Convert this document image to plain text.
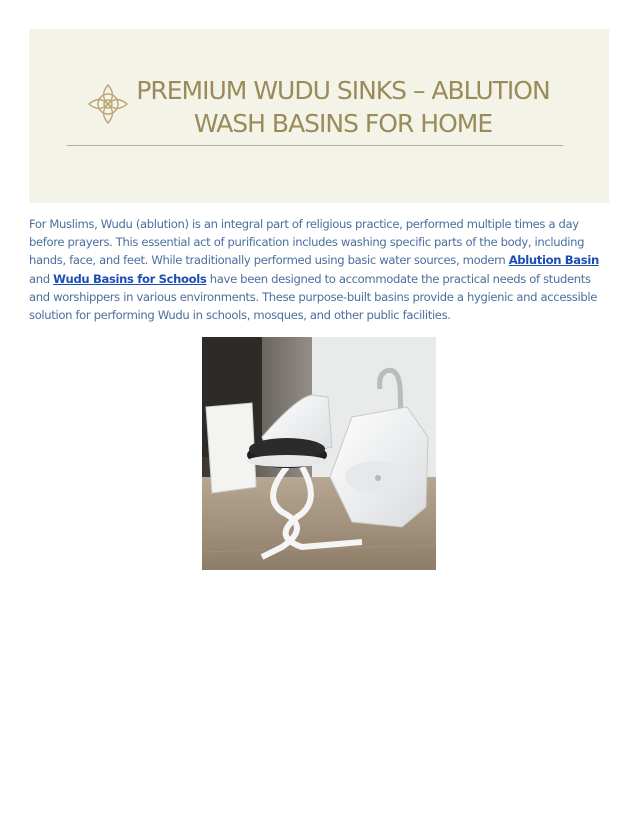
PREMIUM WUDU SINKS – ABLUTION WASH BASINS FOR HOME

For Muslims, Wudu (ablution) is an integral part of religious practice, performed multiple times a day before prayers. This essential act of purification includes washing specific parts of the body, including hands, face, and feet. While traditionally performed using basic water sources, modern Ablution Basin and Wudu Basins for Schools have been designed to accommodate the practical needs of students and worshippers in various environments. These purpose-built basins provide a hygienic and accessible solution for performing Wudu in schools, mosques, and other public facilities.
